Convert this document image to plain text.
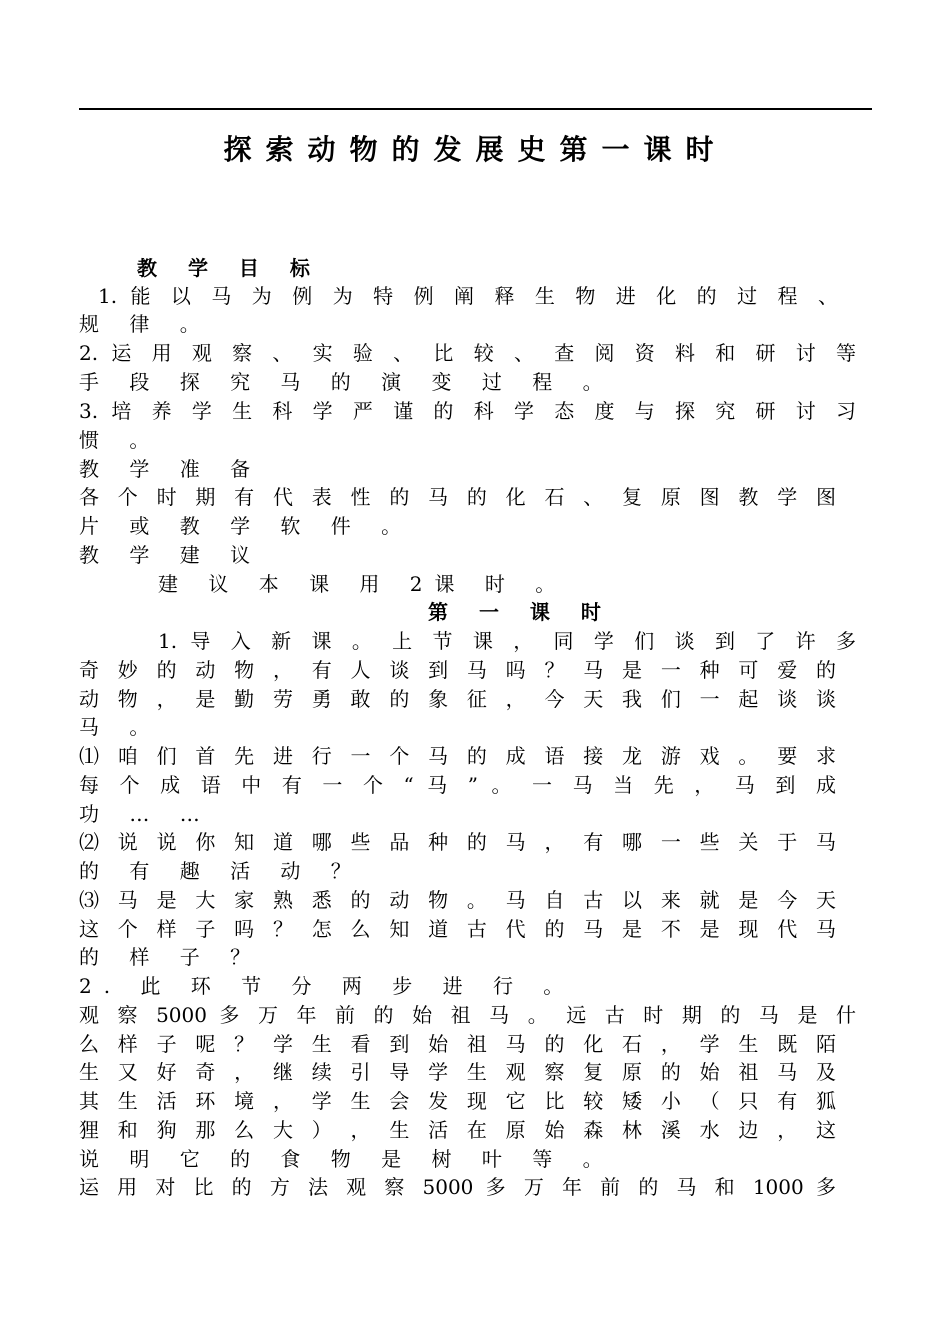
探索动物的发展史第一课时
教 学 目 标
1. 能 以 马 为 例 为 特 例 阐 释 生 物 进 化 的 过 程 、
规 律 。
2. 运 用 观 察 、 实 验 、 比 较 、 查 阅 资 料 和 研 讨 等
手 段 探 究 马 的 演 变 过 程 。
3. 培 养 学 生 科 学 严 谨 的 科 学 态 度 与 探 究 研 讨 习
惯 。
教 学 准 备
各 个 时 期 有 代 表 性 的 马 的 化 石 、 复 原 图 教 学 图
片 或 教 学 软 件 。
教 学 建 议
建 议 本 课 用 2课 时 。
第 一 课 时
1. 导 入 新 课 。 上 节 课 ， 同 学 们 谈 到 了 许 多
奇 妙 的 动 物 ， 有 人 谈 到 马 吗 ？ 马 是 一 种 可 爱 的
动 物 ， 是 勤 劳 勇 敢 的 象 征 ， 今 天 我 们 一 起 谈 谈
马 。
⑴ 咱 们 首 先 进 行 一 个 马 的 成 语 接 龙 游 戏 。 要 求
每 个 成 语 中 有 一 个 “ 马 ” 。 一 马 当 先 ， 马 到 成
功 … …
⑵ 说 说 你 知 道 哪 些 品 种 的 马 ， 有 哪 一 些 关 于 马
的 有 趣 活 动 ？
⑶ 马 是 大 家 熟 悉 的 动 物 。 马 自 古 以 来 就 是 今 天
这 个 样 子 吗 ？ 怎 么 知 道 古 代 的 马 是 不 是 现 代 马
的 样 子 ？
2. 此 环 节 分 两 步 进 行 。
观 察 5000 多 万 年 前 的 始 祖 马 。 远 古 时 期 的 马 是 什
么 样 子 呢 ？ 学 生 看 到 始 祖 马 的 化 石 ， 学 生 既 陌
生 又 好 奇 ， 继 续 引 导 学 生 观 察 复 原 的 始 祖 马 及
其 生 活 环 境 ， 学 生 会 发 现 它 比 较 矮 小 （ 只 有 狐
狸 和 狗 那 么 大 ） ， 生 活 在 原 始 森 林 溪 水 边 ， 这
说 明 它 的 食 物 是 树 叶 等 。
运 用 对 比 的 方 法 观 察 5000 多 万 年 前 的 马 和 1000 多
